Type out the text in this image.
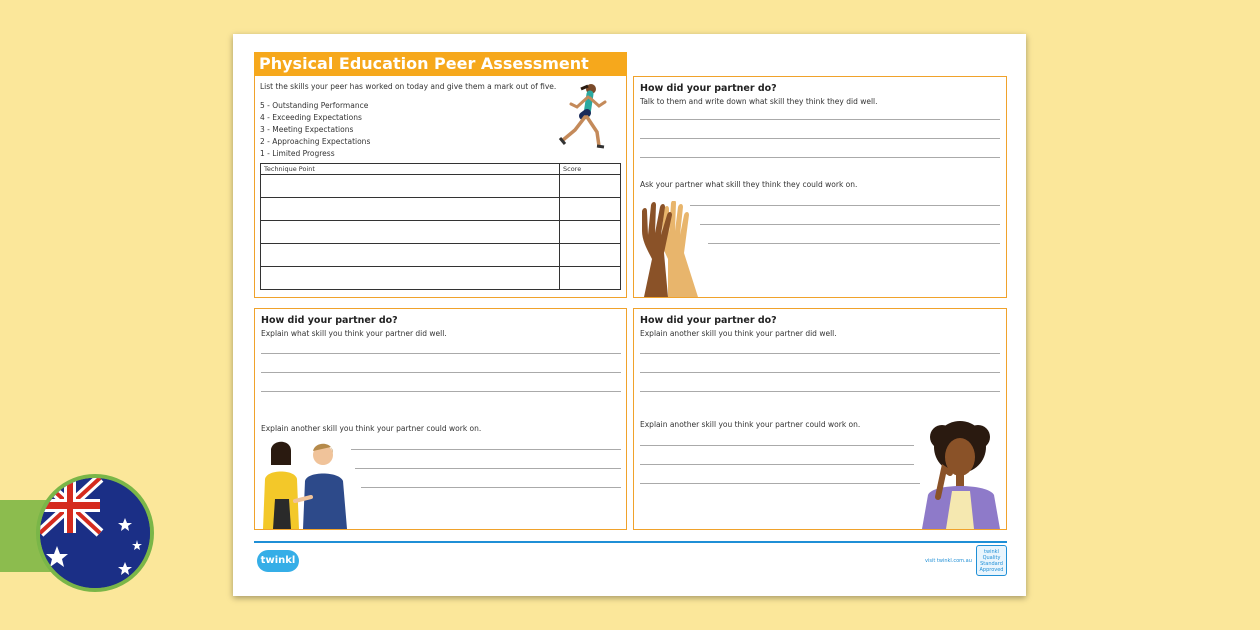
Physical Education Peer Assessment
List the skills your peer has worked on today and give them a mark out of five.
5 - Outstanding Performance
4 - Exceeding Expectations
3 - Meeting Expectations
2 - Approaching Expectations
1 - Limited Progress
Technique Point	Score

How did your partner do?
Talk to them and write down what skill they think they did well.
Ask your partner what skill they think they could work on.
How did your partner do?
Explain what skill you think your partner did well.
Explain another skill you think your partner could work on.
How did your partner do?
Explain another skill you think your partner did well.
Explain another skill you think your partner could work on.
twinkl	visit twinkl.com.au
twinkl Quality Standard Approved
